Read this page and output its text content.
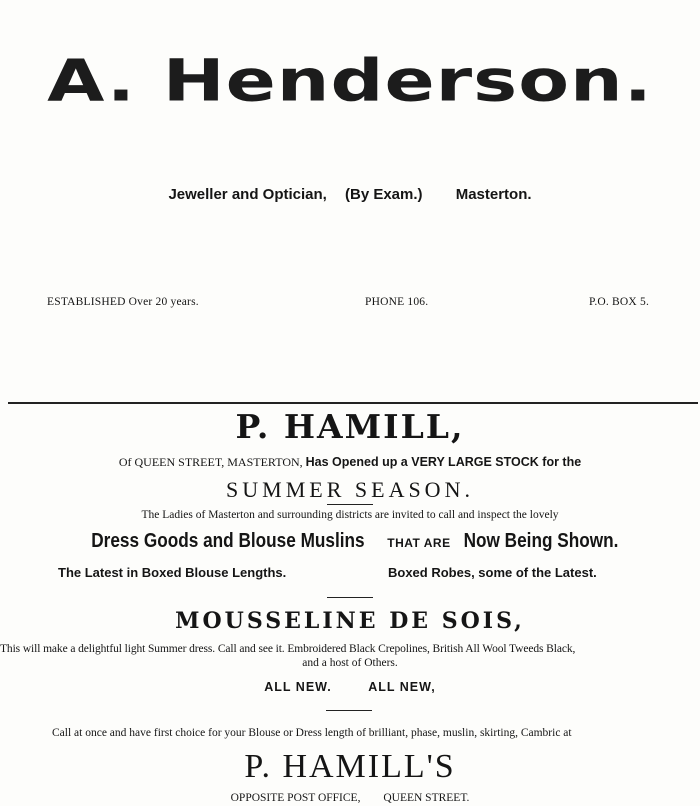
A. Henderson.
Jeweller and Optician, (By Exam.) Masterton.
ESTABLISHED Over 20 years.	PHONE 106.	P.O. BOX 5.
P. HAMILL,
Of QUEEN STREET, MASTERTON, Has Opened up a VERY LARGE STOCK for the
SUMMER SEASON.
The Ladies of Masterton and surrounding districts are invited to call and inspect the lovely
Dress Goods and Blouse Muslins THAT ARE Now Being Shown.
The Latest in Boxed Blouse Lengths.	Boxed Robes, some of the Latest.
MOUSSELINE DE SOIS,
This will make a delightful light Summer dress. Call and see it. Embroidered Black Crepolines, British All Wool Tweeds Black,
and a host of Others.
ALL NEW.	ALL NEW,
Call at once and have first choice for your Blouse or Dress length of brilliant, phase, muslin, skirting, Cambric at
P. HAMILL'S
OPPOSITE POST OFFICE, QUEEN STREET.
